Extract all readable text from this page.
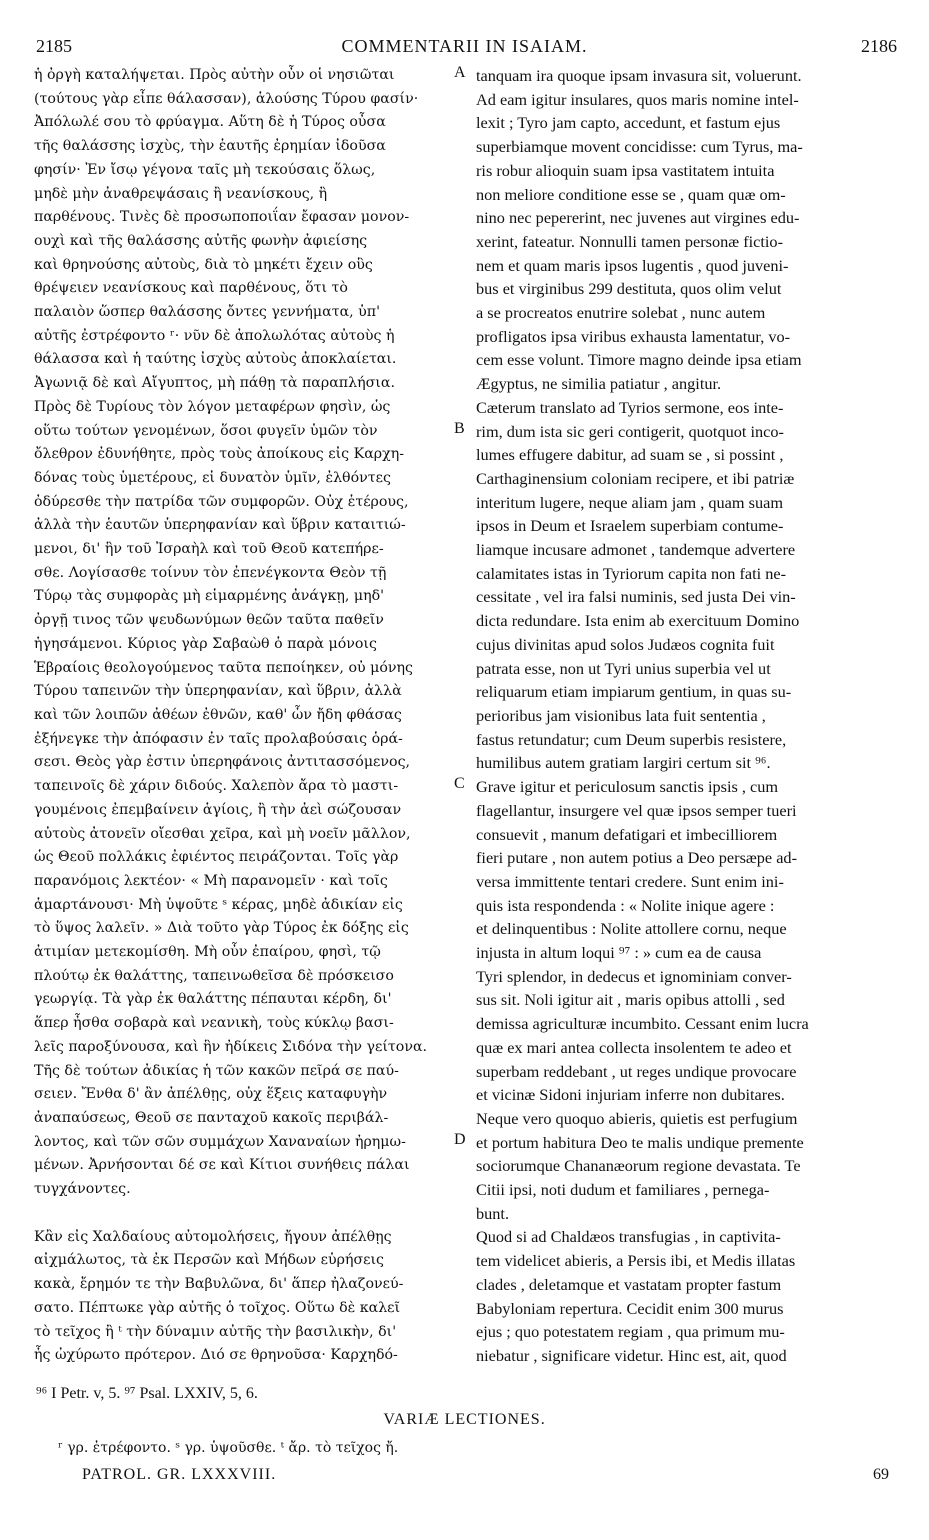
2185	COMMENTARII IN ISAIAM.	2186
ἡ ὀργὴ καταλήψεται. Πρὸς αὐτὴν οὖν οἱ νησιῶται
(τούτους γὰρ εἶπε θάλασσαν), ἁλούσης Τύρου φασίν·
Ἀπόλωλέ σου τὸ φρύαγμα. Αὕτη δὲ ἡ Τύρος οὖσα
τῆς θαλάσσης ἰσχὺς, τὴν ἑαυτῆς ἐρημίαν ἰδοῦσα
φησίν· Ἐν ἴσῳ γέγονα ταῖς μὴ τεκούσαις ὅλως,
μηδὲ μὴν ἀναθρεψάσαις ἢ νεανίσκους, ἢ
παρθένους. Τινὲς δὲ προσωποποιΐαν ἔφασαν μονον-
ουχὶ καὶ τῆς θαλάσσης αὐτῆς φωνὴν ἀφιείσης
καὶ θρηνούσης αὐτοὺς, διὰ τὸ μηκέτι ἔχειν οὓς
θρέψειεν νεανίσκους καὶ παρθένους, ὅτι τὸ
παλαιὸν ὥσπερ θαλάσσης ὄντες γεννήματα, ὑπ'
αὐτῆς ἐστρέφοντο ʳ· νῦν δὲ ἀπολωλότας αὐτοὺς ἡ
θάλασσα καὶ ἡ ταύτης ἰσχὺς αὐτοὺς ἀποκλαίεται.
Ἀγωνιᾷ δὲ καὶ Αἴγυπτος, μὴ πάθῃ τὰ παραπλήσια.
Πρὸς δὲ Τυρίους τὸν λόγον μεταφέρων φησὶν, ὡς
οὕτω τούτων γενομένων, ὅσοι φυγεῖν ὑμῶν τὸν
ὄλεθρον ἐδυνήθητε, πρὸς τοὺς ἀποίκους εἰς Καρχη-
δόνας τοὺς ὑμετέρους, εἰ δυνατὸν ὑμῖν, ἐλθόντες
ὀδύρεσθε τὴν πατρίδα τῶν συμφορῶν. Οὐχ ἑτέρους,
ἀλλὰ τὴν ἑαυτῶν ὑπερηφανίαν καὶ ὕβριν καταιτιώ-
μενοι, δι' ἣν τοῦ Ἰσραὴλ καὶ τοῦ Θεοῦ κατεπήρε-
σθε. Λογίσασθε τοίνυν τὸν ἐπενέγκοντα Θεὸν τῇ
Τύρῳ τὰς συμφορὰς μὴ εἱμαρμένης ἀνάγκῃ, μηδ'
ὀργῇ τινος τῶν ψευδωνύμων θεῶν ταῦτα παθεῖν
ἡγησάμενοι. Κύριος γὰρ Σαβαὼθ ὁ παρὰ μόνοις
Ἑβραίοις θεολογούμενος ταῦτα πεποίηκεν, οὐ μόνης
Τύρου ταπεινῶν τὴν ὑπερηφανίαν, καὶ ὕβριν, ἀλλὰ
καὶ τῶν λοιπῶν ἀθέων ἐθνῶν, καθ' ὧν ἤδη φθάσας
ἐξήνεγκε τὴν ἀπόφασιν ἐν ταῖς προλαβούσαις ὁρά-
σεσι. Θεὸς γὰρ ἐστιν ὑπερηφάνοις ἀντιτασσόμενος,
ταπεινοῖς δὲ χάριν διδούς. Χαλεπὸν ἄρα τὸ μαστι-
γουμένοις ἐπεμβαίνειν ἁγίοις, ἢ τὴν ἀεὶ σώζουσαν
αὐτοὺς ἀτονεῖν οἴεσθαι χεῖρα, καὶ μὴ νοεῖν μᾶλλον,
ὡς Θεοῦ πολλάκις ἐφιέντος πειράζονται. Τοῖς γὰρ
παρανόμοις λεκτέον· « Μὴ παρανομεῖν · καὶ τοῖς
ἁμαρτάνουσι· Μὴ ὑψοῦτε ˢ κέρας, μηδὲ ἀδικίαν εἰς
τὸ ὕψος λαλεῖν. » Διὰ τοῦτο γὰρ Τύρος ἐκ δόξης εἰς
ἀτιμίαν μετεκομίσθη. Μὴ οὖν ἐπαίρου, φησὶ, τῷ
πλούτῳ ἐκ θαλάττης, ταπεινωθεῖσα δὲ πρόσκεισο
γεωργίᾳ. Τὰ γὰρ ἐκ θαλάττης πέπαυται κέρδη, δι'
ἅπερ ἦσθα σοβαρὰ καὶ νεανικὴ, τοὺς κύκλῳ βασι-
λεῖς παροξύνουσα, καὶ ἣν ἠδίκεις Σιδόνα τὴν γείτονα.
Τῆς δὲ τούτων ἀδικίας ἡ τῶν κακῶν πεῖρά σε παύ-
σειεν. Ἔνθα δ' ἂν ἀπέλθῃς, οὐχ ἕξεις καταφυγὴν
ἀναπαύσεως, Θεοῦ σε πανταχοῦ κακοῖς περιβάλ-
λοντος, καὶ τῶν σῶν συμμάχων Χαναναίων ἠρημω-
μένων. Ἀρνήσονται δέ σε καὶ Κίτιοι συνήθεις πάλαι
τυγχάνοντες.
Κἂν εἰς Χαλδαίους αὐτομολήσεις, ἤγουν ἀπέλθῃς
αἰχμάλωτος, τὰ ἐκ Περσῶν καὶ Μήδων εὑρήσεις
κακὰ, ἔρημόν τε τὴν Βαβυλῶνα, δι' ἅπερ ἠλαζονεύ-
σατο. Πέπτωκε γὰρ αὐτῆς ὁ τοῖχος. Οὕτω δὲ καλεῖ
τὸ τεῖχος ἢ ᵗ τὴν δύναμιν αὐτῆς τὴν βασιλικὴν, δι'
ἧς ὠχύρωτο πρότερον. Διό σε θρηνοῦσα· Καρχηδό-
tanquam ira quoque ipsam invasura sit, voluerunt.
Ad eam igitur insulares, quos maris nomine intel-
lexit ; Tyro jam capto, accedunt, et fastum ejus
superbiamque movent concidisse: cum Tyrus, ma-
ris robur alioquin suam ipsa vastitatem intuita
non meliore conditione esse se , quam quæ om-
nino nec pepererint, nec juvenes aut virgines edu-
xerint, fateatur. Nonnulli tamen personæ fictio-
nem et quam maris ipsos lugentis , quod juveni-
bus et virginibus 299 destituta, quos olim velut
a se procreatos enutrire solebat , nunc autem
profligatos ipsa viribus exhausta lamentatur, vo-
cem esse volunt. Timore magno deinde ipsa etiam
Ægyptus, ne similia patiatur , angitur.
Cæterum translato ad Tyrios sermone, eos inte-
rim, dum ista sic geri contigerit, quotquot inco-
lumes effugere dabitur, ad suam se , si possint ,
Carthaginensium coloniam recipere, et ibi patriæ
interitum lugere, neque aliam jam , quam suam
ipsos in Deum et Israelem superbiam contume-
liamque incusare admonet , tandemque advertere
calamitates istas in Tyriorum capita non fati ne-
cessitate , vel ira falsi numinis, sed justa Dei vin-
dicta redundare. Ista enim ab exercituum Domino
cujus divinitas apud solos Judæos cognita fuit
patrata esse, non ut Tyri unius superbia vel ut
reliquarum etiam impiarum gentium, in quas su-
perioribus jam visionibus lata fuit sententia ,
fastus retundatur; cum Deum superbis resistere,
humilibus autem gratiam largiri certum sit ⁹⁶.
Grave igitur et periculosum sanctis ipsis , cum
flagellantur, insurgere vel quæ ipsos semper tueri
consuevit , manum defatigari et imbecilliorem
fieri putare , non autem potius a Deo persæpe ad-
versa immittente tentari credere. Sunt enim ini-
quis ista respondenda : « Nolite inique agere :
et delinquentibus : Nolite attollere cornu, neque
injusta in altum loqui ⁹⁷ : » cum ea de causa
Tyri splendor, in dedecus et ignominiam conver-
sus sit. Noli igitur ait , maris opibus attolli , sed
demissa agriculturæ incumbito. Cessant enim lucra
quæ ex mari antea collecta insolentem te adeo et
superbam reddebant , ut reges undique provocare
et vicinæ Sidoni injuriam inferre non dubitares.
Neque vero quoquo abieris, quietis est perfugium
et portum habitura Deo te malis undique premente
sociorumque Chananæorum regione devastata. Te
Citii ipsi, noti dudum et familiares , pernega-
bunt.
Quod si ad Chaldæos transfugias , in captivita-
tem videlicet abieris, a Persis ibi, et Medis illatas
clades , deletamque et vastatam propter fastum
Babyloniam repertura. Cecidit enim 300 murus
ejus ; quo potestatem regiam , qua primum mu-
niebatur , significare videtur. Hinc est, ait, quod
A
B
C
D
⁹⁶ I Petr. v, 5. ⁹⁷ Psal. LXXIV, 5, 6.
VARIÆ LECTIONES.
ʳ γρ. ἐτρέφοντο. ˢ γρ. ὑψοῦσθε. ᵗ ἄρ. τὸ τεῖχος ἤ.
PATROL. GR. LXXXVIII.	69
